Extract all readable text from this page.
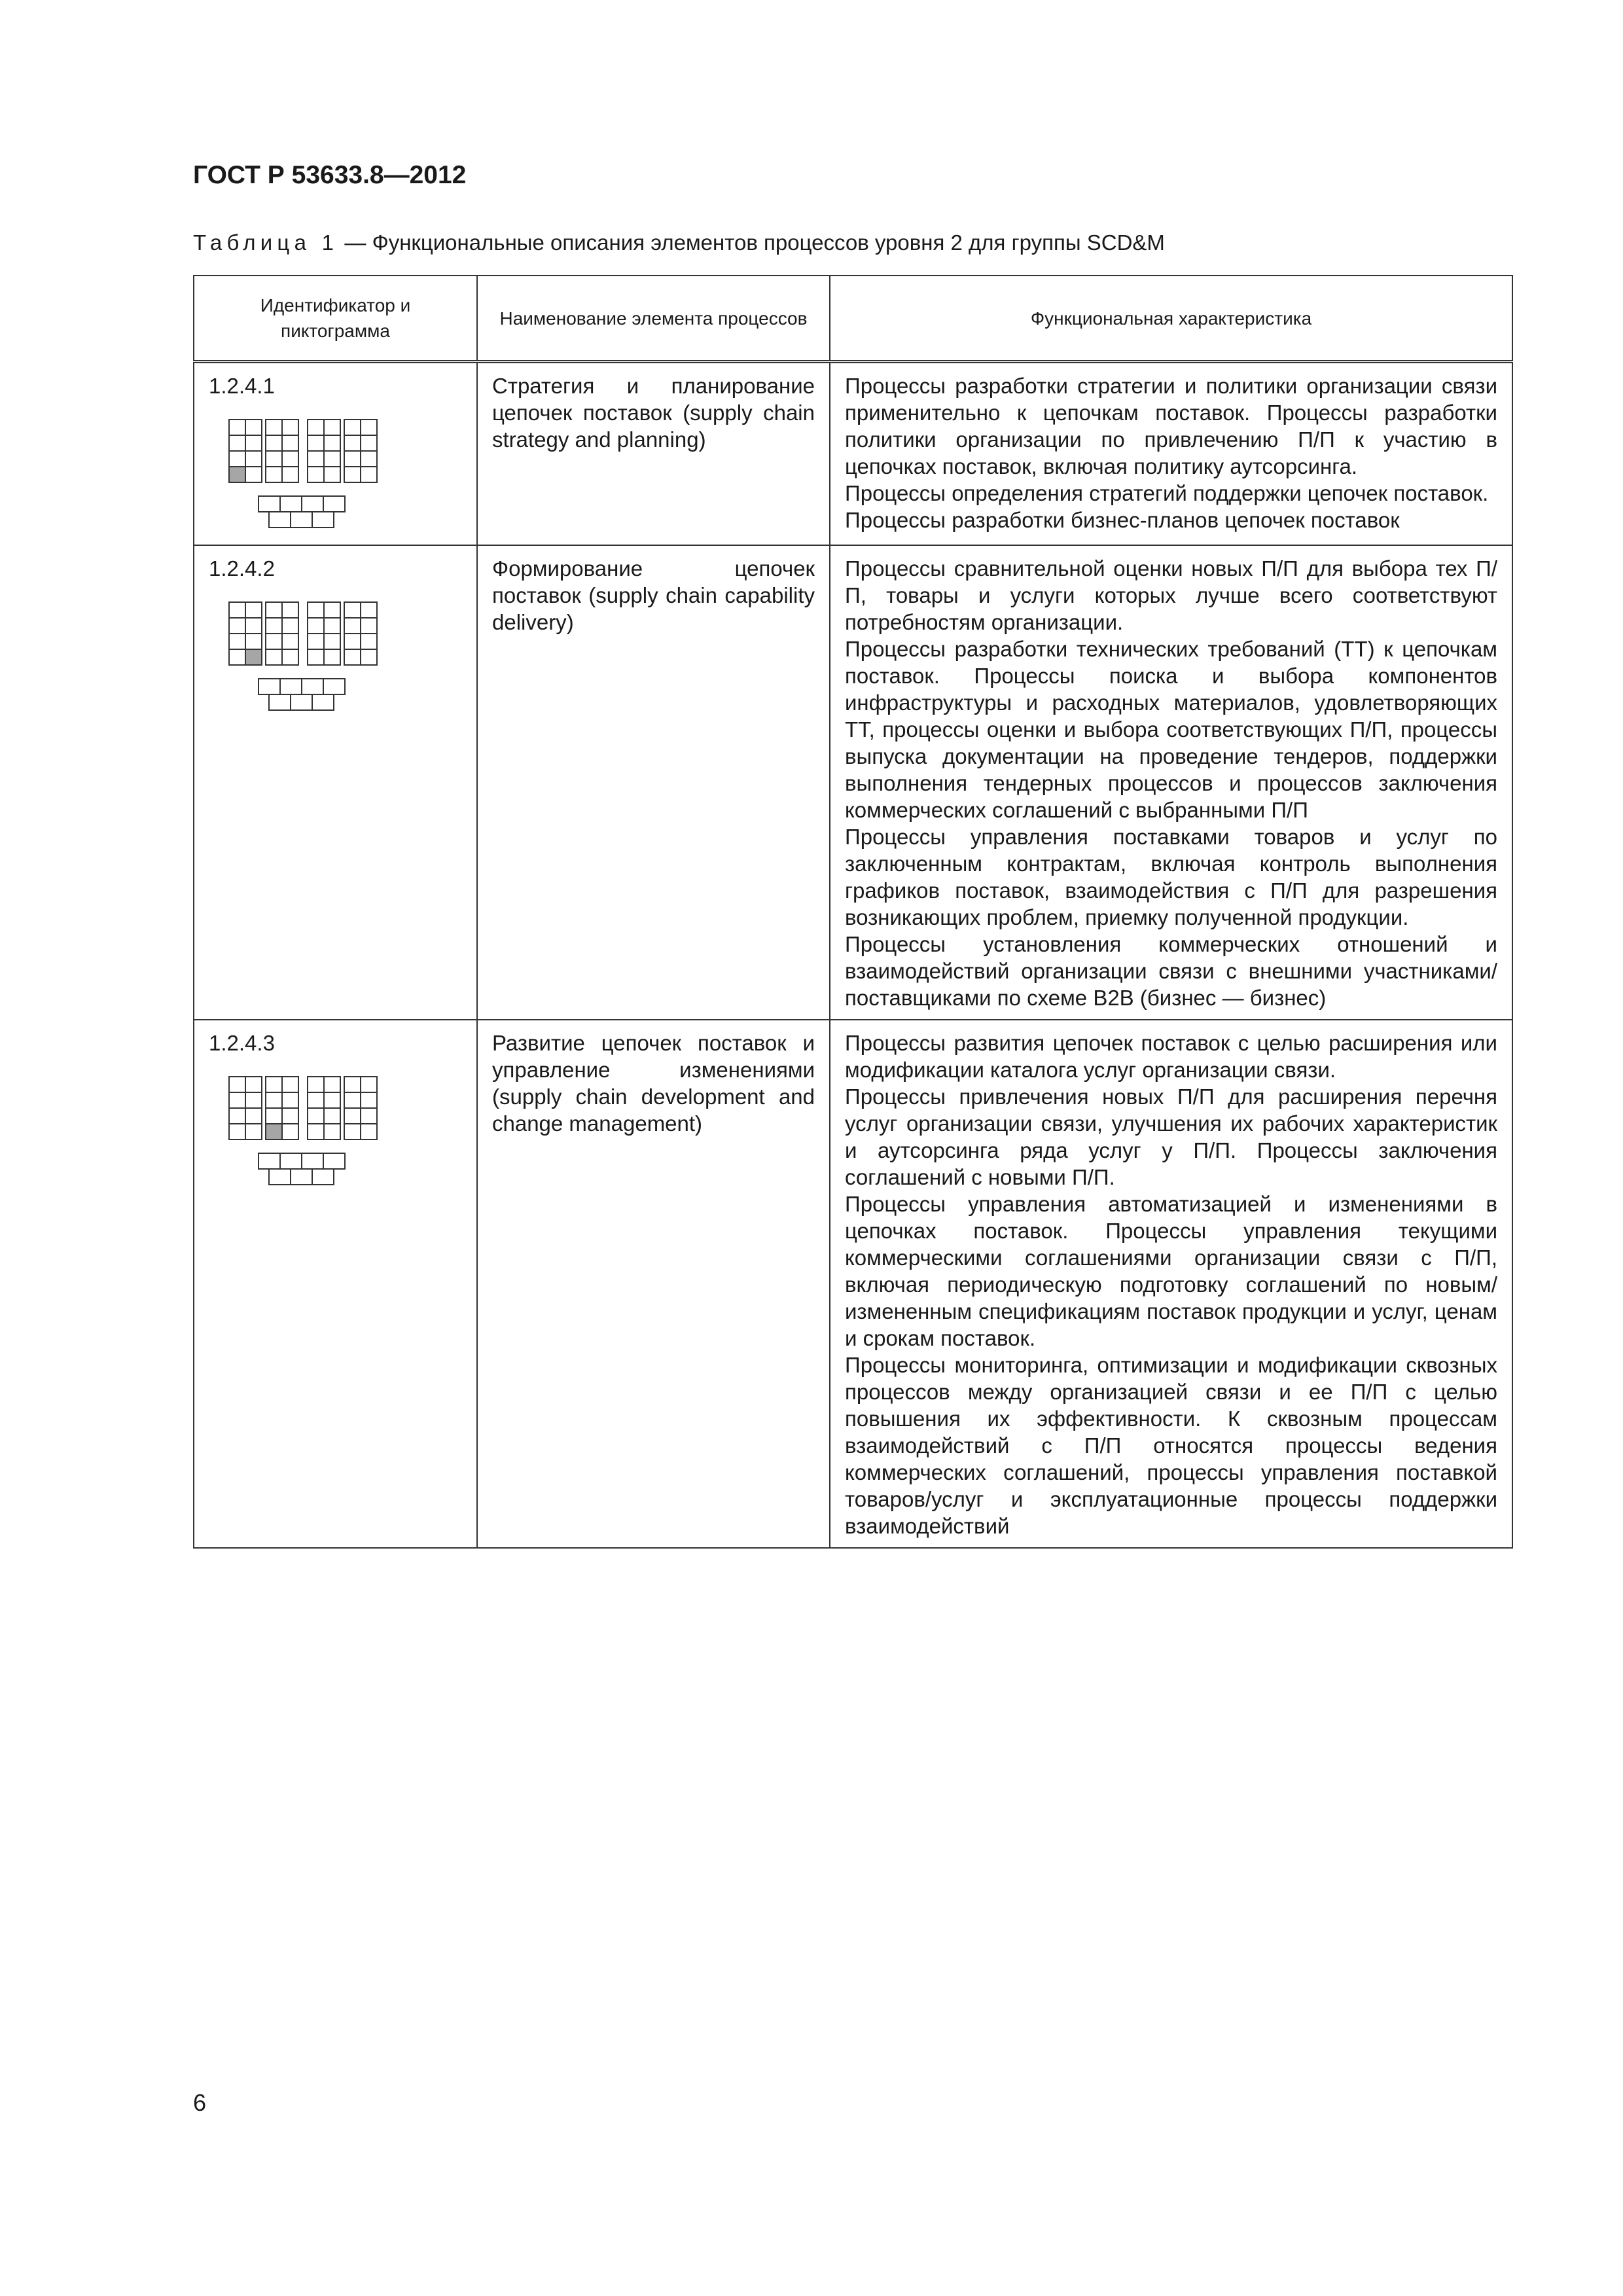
ГОСТ Р 53633.8—2012
Таблица 1 — Функциональные описания элементов процессов уровня 2 для группы SCD&M
Идентификатор и пиктограмма	Наименование элемента процессов	Функциональная характеристика

1.2.4.1	Стратегия и планирование цепочек поставок (supply chain strategy and planning)	Процессы разработки стратегии и политики организации связи применительно к цепочкам поставок. Процессы разработки политики организации по привлечению П/П к участию в цепочках поставок, включая политику аутсорсинга.

Процессы определения стратегий поддержки цепочек поставок.

Процессы разработки бизнес-планов цепочек поставок

1.2.4.2	Формирование цепочек поставок (supply chain capability delivery)	Процессы сравнительной оценки новых П/П для выбора тех П/П, товары и услуги которых лучше всего соответствуют потребностям организации.

Процессы разработки технических требований (ТТ) к цепочкам поставок. Процессы поиска и выбора компонентов инфраструктуры и расходных материалов, удовлетворяющих ТТ, процессы оценки и выбора соответствующих П/П, процессы выпуска документации на проведение тендеров, поддержки выполнения тендерных процессов и процессов заключения коммерческих соглашений с выбранными П/П

Процессы управления поставками товаров и услуг по заключенным контрактам, включая контроль выполнения графиков поставок, взаимодействия с П/П для разрешения возникающих проблем, приемку полученной продукции.

Процессы установления коммерческих отношений и взаимодействий организации связи с внешними участниками/поставщиками по схеме B2B (бизнес — бизнес)

1.2.4.3	Развитие цепочек поставок и управление изменениями (supply chain development and change management)	Процессы развития цепочек поставок с целью расширения или модификации каталога услуг организации связи.

Процессы привлечения новых П/П для расширения перечня услуг организации связи, улучшения их рабочих характеристик и аутсорсинга ряда услуг у П/П. Процессы заключения соглашений с новыми П/П.

Процессы управления автоматизацией и изменениями в цепочках поставок. Процессы управления текущими коммерческими соглашениями организации связи с П/П, включая периодическую подготовку соглашений по новым/измененным спецификациям поставок продукции и услуг, ценам и срокам поставок.

Процессы мониторинга, оптимизации и модификации сквозных процессов между организацией связи и ее П/П с целью повышения их эффективности. К сквозным процессам взаимодействий с П/П относятся процессы ведения коммерческих соглашений, процессы управления поставкой товаров/услуг и эксплуатационные процессы поддержки взаимодействий

6
